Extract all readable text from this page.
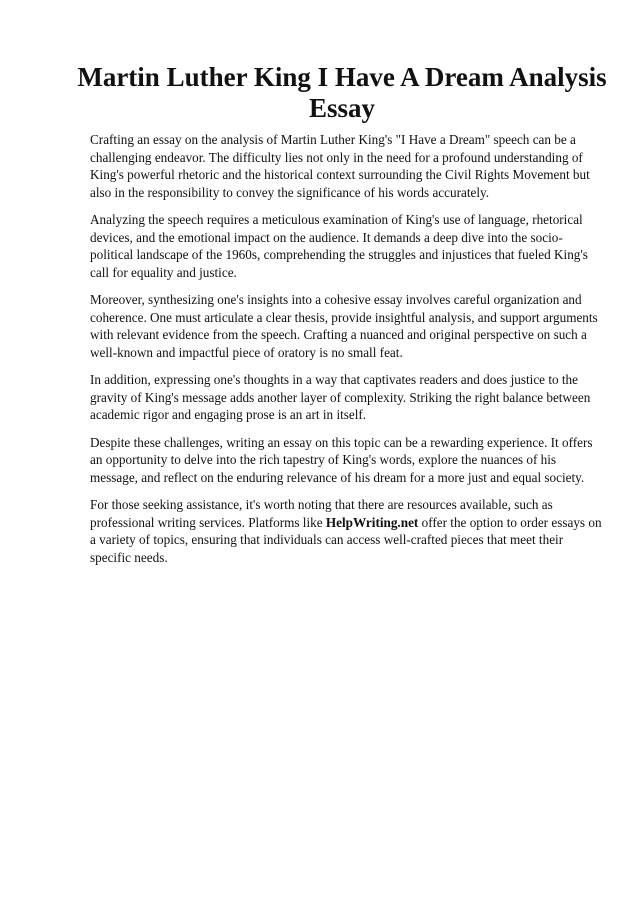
Martin Luther King I Have A Dream Analysis Essay

Crafting an essay on the analysis of Martin Luther King's "I Have a Dream" speech can be a challenging endeavor. The difficulty lies not only in the need for a profound understanding of King's powerful rhetoric and the historical context surrounding the Civil Rights Movement but also in the responsibility to convey the significance of his words accurately.

Analyzing the speech requires a meticulous examination of King's use of language, rhetorical devices, and the emotional impact on the audience. It demands a deep dive into the socio-political landscape of the 1960s, comprehending the struggles and injustices that fueled King's call for equality and justice.

Moreover, synthesizing one's insights into a cohesive essay involves careful organization and coherence. One must articulate a clear thesis, provide insightful analysis, and support arguments with relevant evidence from the speech. Crafting a nuanced and original perspective on such a well-known and impactful piece of oratory is no small feat.

In addition, expressing one's thoughts in a way that captivates readers and does justice to the gravity of King's message adds another layer of complexity. Striking the right balance between academic rigor and engaging prose is an art in itself.

Despite these challenges, writing an essay on this topic can be a rewarding experience. It offers an opportunity to delve into the rich tapestry of King's words, explore the nuances of his message, and reflect on the enduring relevance of his dream for a more just and equal society.

For those seeking assistance, it's worth noting that there are resources available, such as professional writing services. Platforms like HelpWriting.net offer the option to order essays on a variety of topics, ensuring that individuals can access well-crafted pieces that meet their specific needs.
